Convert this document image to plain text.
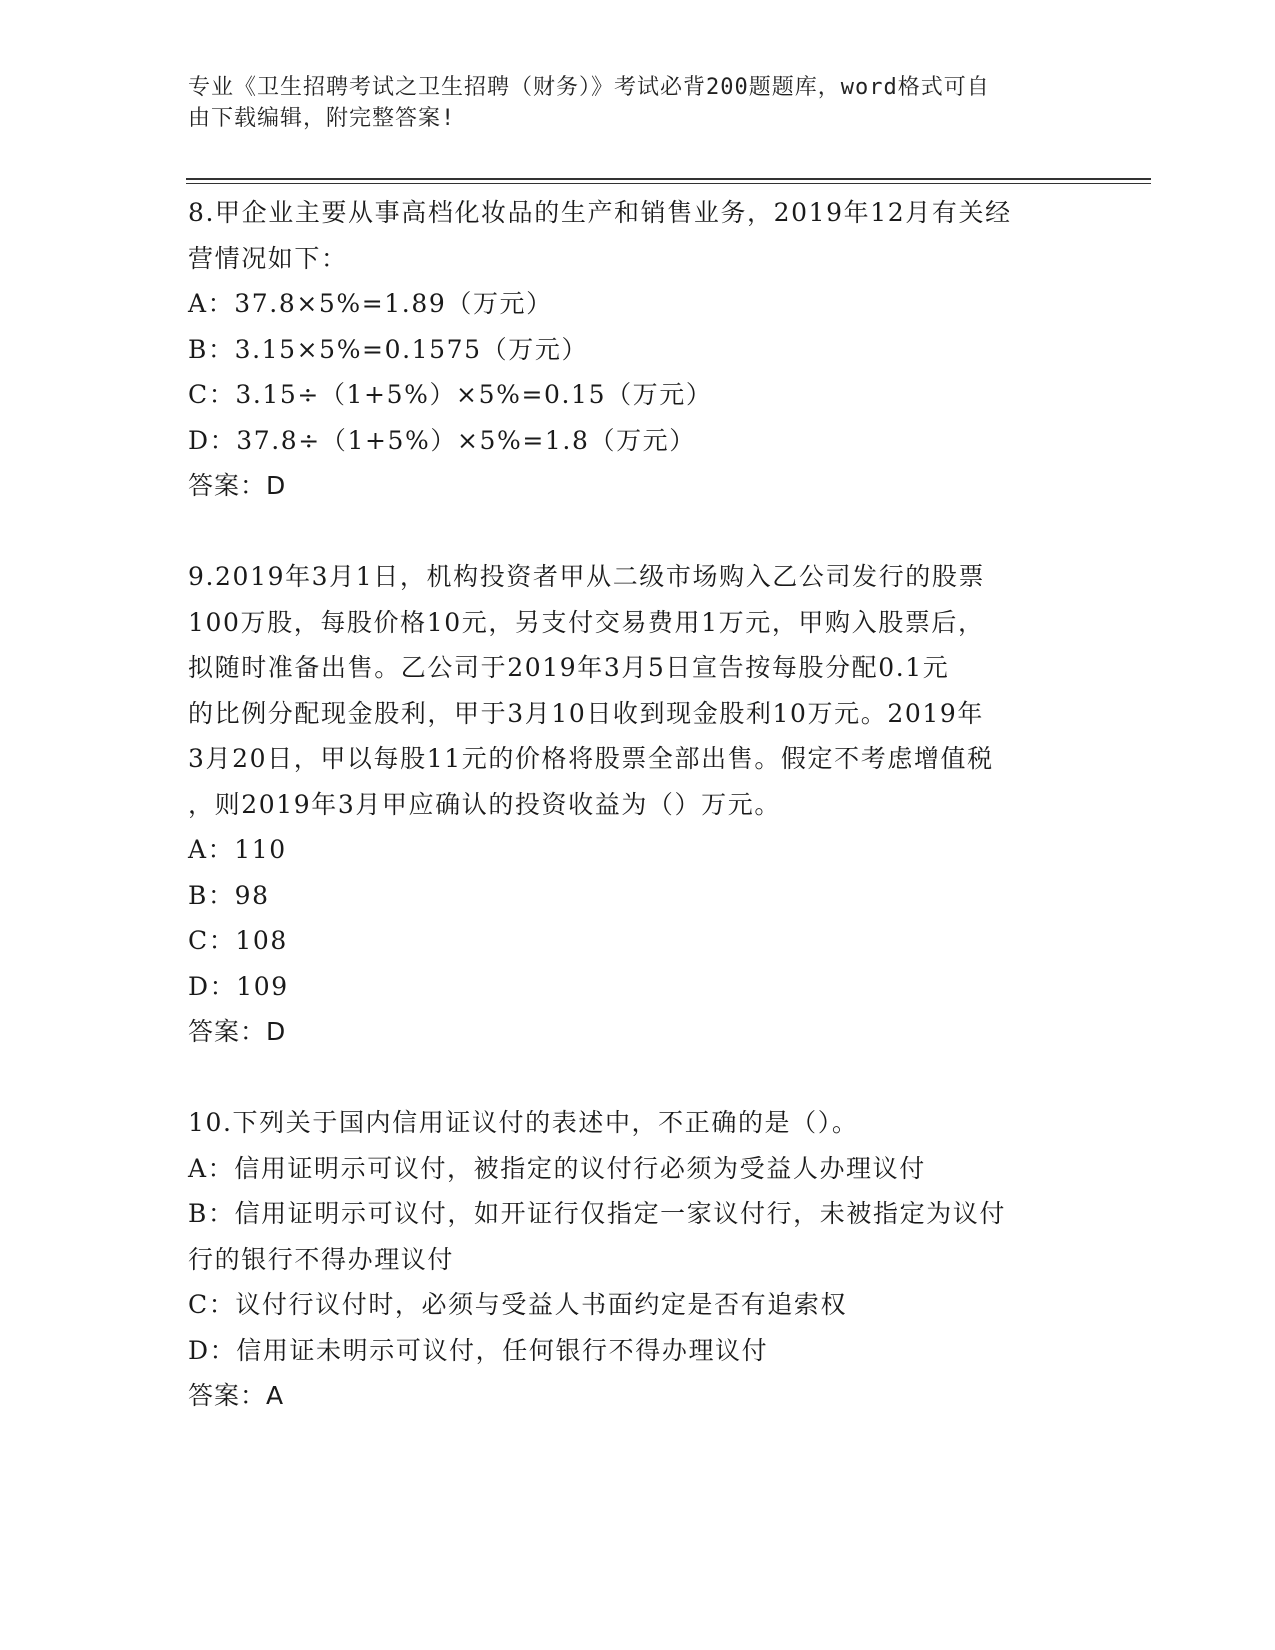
专业《卫生招聘考试之卫生招聘（财务）》考试必背200题题库，word格式可自
由下载编辑，附完整答案!

8.甲企业主要从事高档化妆品的生产和销售业务，2019年12月有关经

营情况如下：

A：37.8×5%=1.89（万元）

B：3.15×5%=0.1575（万元）

C：3.15÷（1+5%）×5%=0.15（万元）

D：37.8÷（1+5%）×5%=1.8（万元）

答案：D

9.2019年3月1日，机构投资者甲从二级市场购入乙公司发行的股票

100万股，每股价格10元，另支付交易费用1万元，甲购入股票后，

拟随时准备出售。乙公司于2019年3月5日宣告按每股分配0.1元

的比例分配现金股利，甲于3月10日收到现金股利10万元。2019年

3月20日，甲以每股11元的价格将股票全部出售。假定不考虑增值税

，则2019年3月甲应确认的投资收益为（）万元。

A：110

B：98

C：108

D：109

答案：D

10.下列关于国内信用证议付的表述中，不正确的是（）。

A：信用证明示可议付，被指定的议付行必须为受益人办理议付

B：信用证明示可议付，如开证行仅指定一家议付行，未被指定为议付

行的银行不得办理议付

C：议付行议付时，必须与受益人书面约定是否有追索权

D：信用证未明示可议付，任何银行不得办理议付

答案：A
